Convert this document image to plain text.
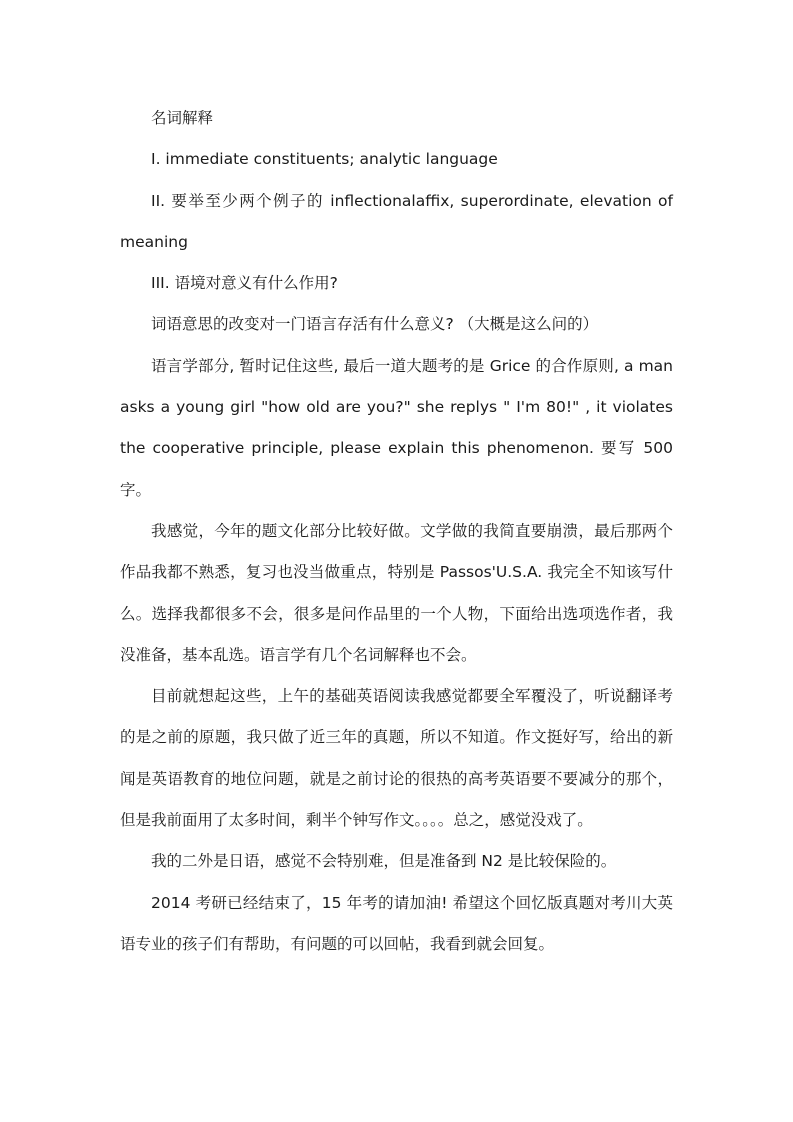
名词解释

I. immediate constituents; analytic language

II. 要举至少两个例子的 inflectionalaffix, superordinate, elevation of meaning

III. 语境对意义有什么作用?

词语意思的改变对一门语言存活有什么意义? （大概是这么问的）

语言学部分, 暂时记住这些, 最后一道大题考的是 Grice 的合作原则, a man asks a young girl "how old are you?" she replys " I'm 80!" , it violates the cooperative principle, please explain this phenomenon. 要写 500 字。

我感觉，今年的题文化部分比较好做。文学做的我简直要崩溃，最后那两个作品我都不熟悉，复习也没当做重点，特别是 Passos'U.S.A. 我完全不知该写什么。选择我都很多不会，很多是问作品里的一个人物，下面给出选项选作者，我没准备，基本乱选。语言学有几个名词解释也不会。

目前就想起这些，上午的基础英语阅读我感觉都要全军覆没了，听说翻译考的是之前的原题，我只做了近三年的真题，所以不知道。作文挺好写，给出的新闻是英语教育的地位问题，就是之前讨论的很热的高考英语要不要减分的那个，但是我前面用了太多时间，剩半个钟写作文。。。。总之，感觉没戏了。

我的二外是日语，感觉不会特别难，但是准备到 N2 是比较保险的。

2014 考研已经结束了，15 年考的请加油! 希望这个回忆版真题对考川大英语专业的孩子们有帮助，有问题的可以回帖，我看到就会回复。
